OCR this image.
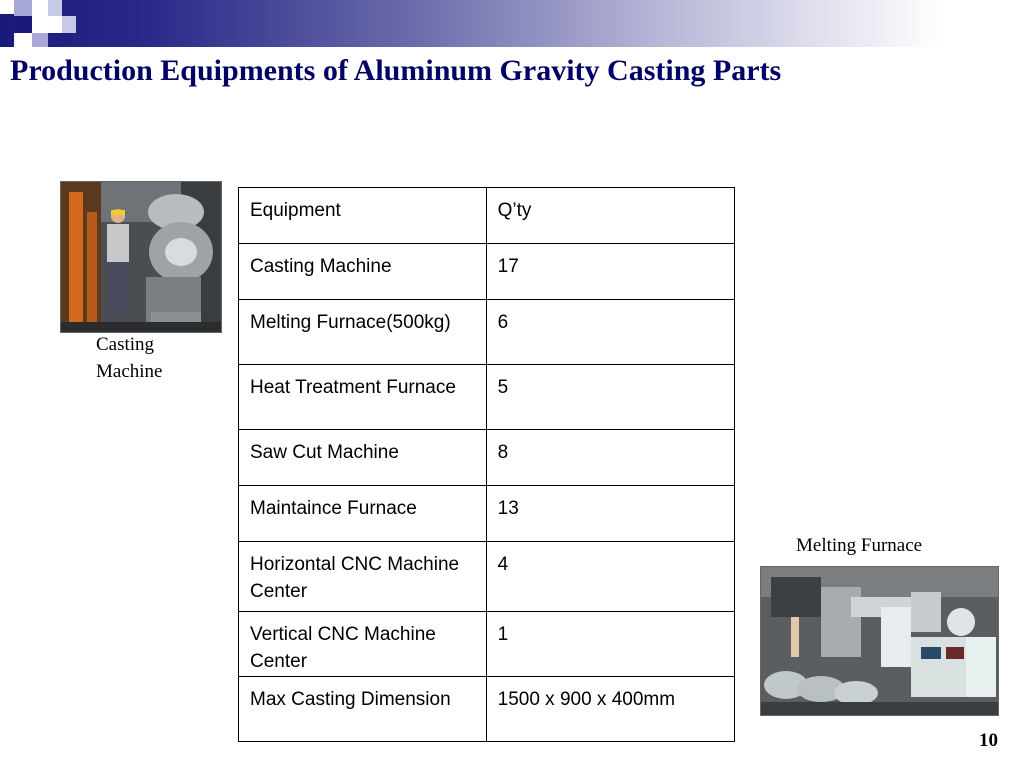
Production Equipments of Aluminum Gravity Casting Parts
Casting
Machine
Equipment	Q’ty
Casting Machine	17
Melting Furnace(500kg)	6
Heat Treatment Furnace	5
Saw Cut Machine	8
Maintaince Furnace	13
Horizontal CNC Machine Center	4
Vertical CNC Machine Center	1
Max Casting Dimension	1500 x 900 x 400mm
Melting Furnace
10
